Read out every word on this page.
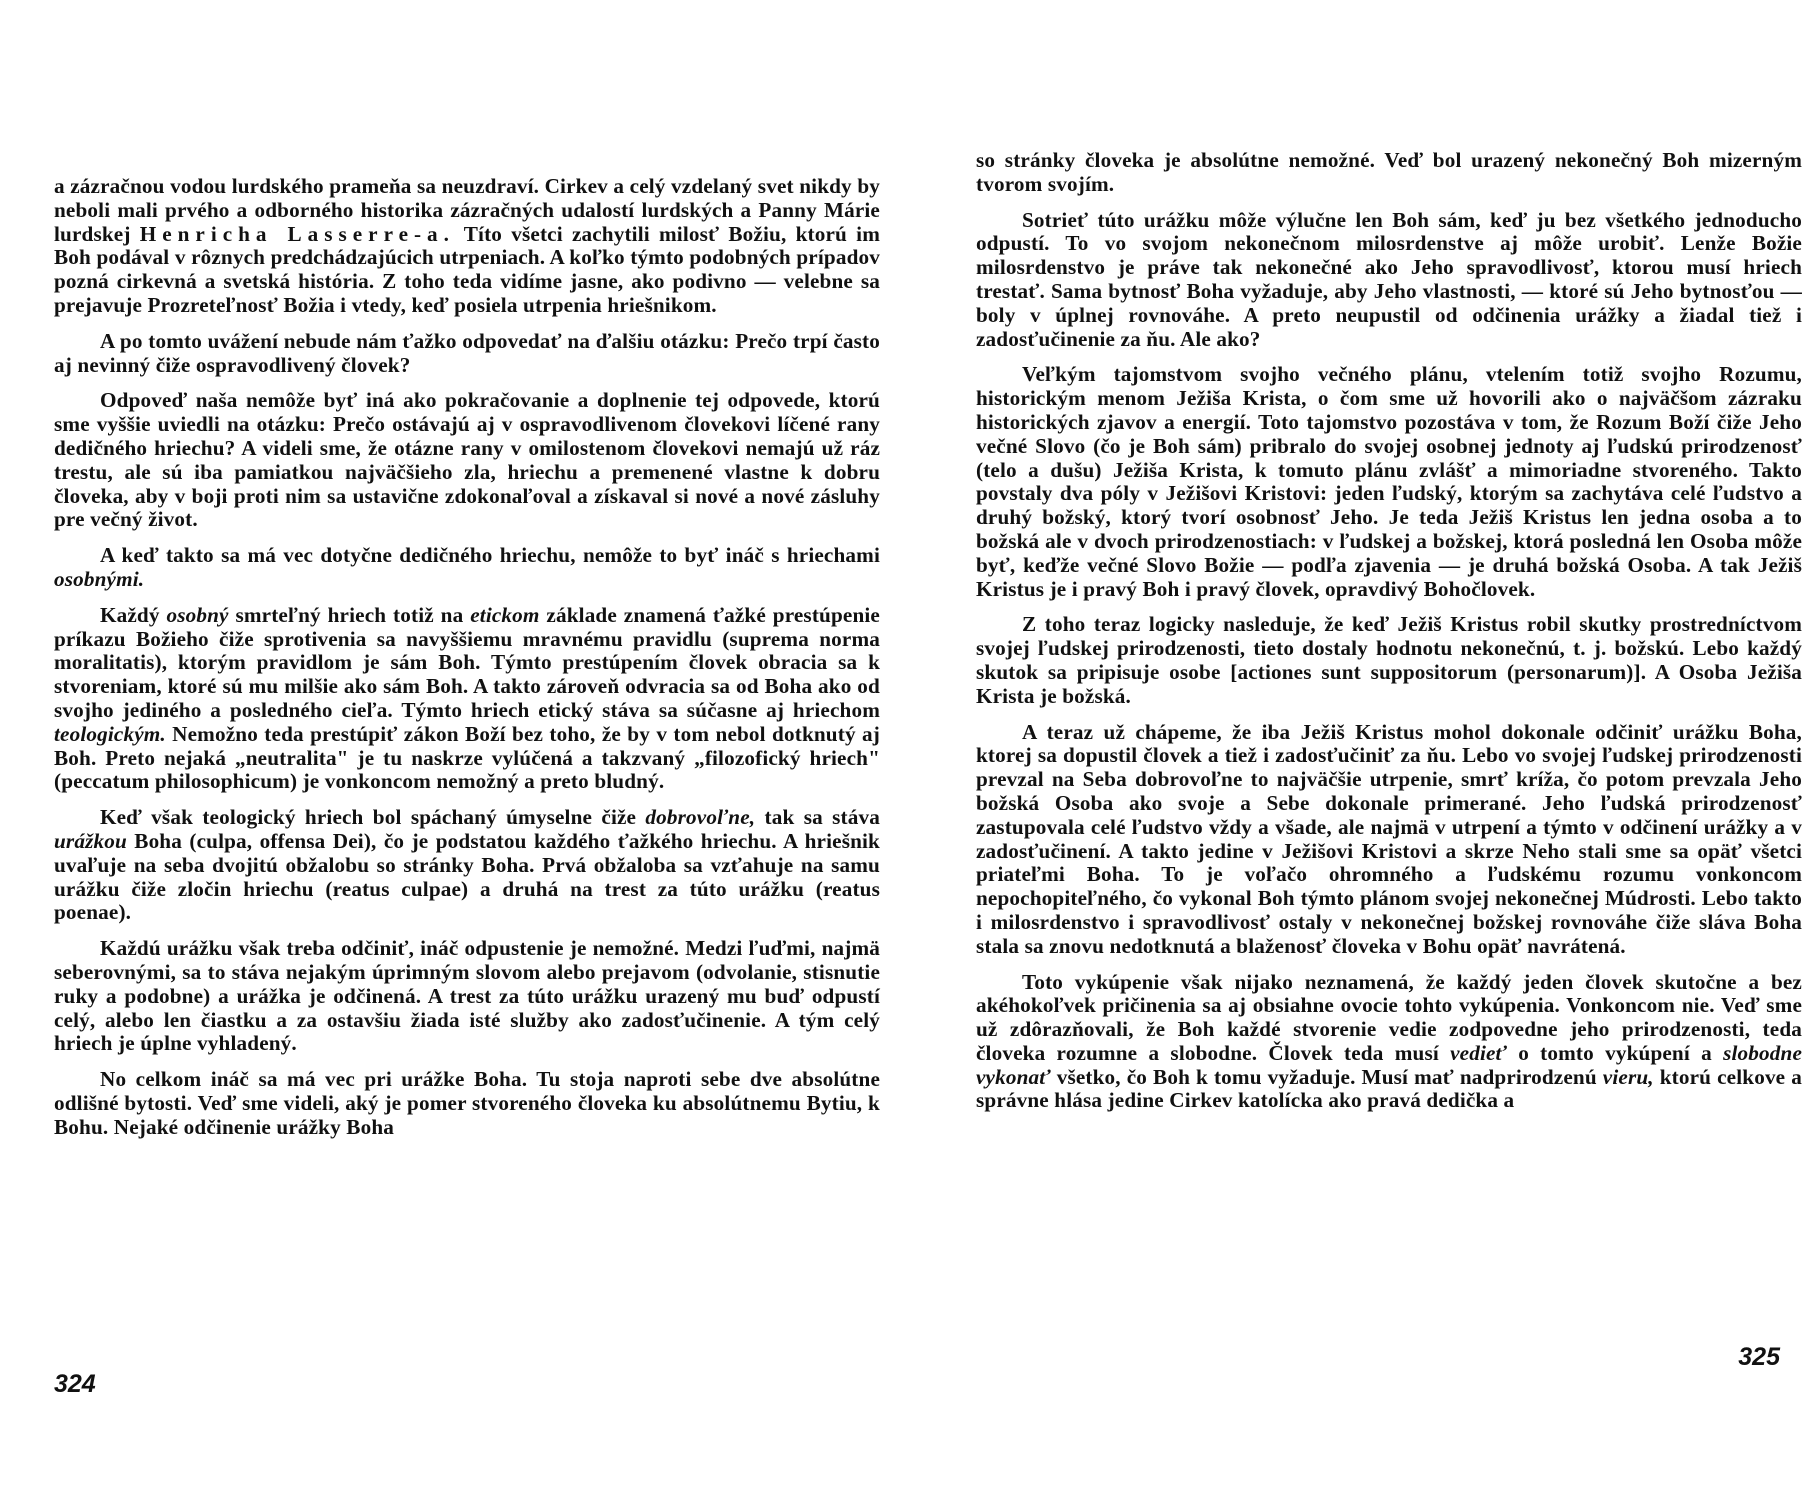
a zázračnou vodou lurdského prameňa sa neuzdraví. Cirkev a celý vzdelaný svet nikdy by neboli mali prvého a odborného historika zázračných udalostí lurdských a Panny Márie lurdskej Henricha Lasserre-a. Títo všetci zachytili milosť Božiu, ktorú im Boh podával v rôznych predchádzajúcich utrpeniach. A koľko týmto podobných prípadov pozná cirkevná a svetská história. Z toho teda vidíme jasne, ako podivno — velebne sa prejavuje Prozreteľnosť Božia i vtedy, keď posiela utrpenia hriešnikom.

A po tomto uvážení nebude nám ťažko odpovedať na ďalšiu otázku: Prečo trpí často aj nevinný čiže ospravodlivený človek?

Odpoveď naša nemôže byť iná ako pokračovanie a doplnenie tej odpovede, ktorú sme vyššie uviedli na otázku: Prečo ostávajú aj v ospravodlivenom človekovi líčené rany dedičného hriechu? A videli sme, že otázne rany v omilostenom človekovi nemajú už ráz trestu, ale sú iba pamiatkou najväčšieho zla, hriechu a premenené vlastne k dobru človeka, aby v boji proti nim sa ustavične zdokonaľoval a získaval si nové a nové zásluhy pre večný život.

A keď takto sa má vec dotyčne dedičného hriechu, nemôže to byť ináč s hriechami osobnými.

Každý osobný smrteľný hriech totiž na etickom základe znamená ťažké prestúpenie príkazu Božieho čiže sprotivenia sa navyššiemu mravnému pravidlu (suprema norma moralitatis), ktorým pravidlom je sám Boh. Týmto prestúpením človek obracia sa k stvoreniam, ktoré sú mu milšie ako sám Boh. A takto zároveň odvracia sa od Boha ako od svojho jediného a posledného cieľa. Týmto hriech etický stáva sa súčasne aj hriechom teologickým. Nemožno teda prestúpiť zákon Boží bez toho, že by v tom nebol dotknutý aj Boh. Preto nejaká „neutralita" je tu naskrze vylúčená a takzvaný „filozofický hriech" (peccatum philosophicum) je vonkoncom nemožný a preto bludný.

Keď však teologický hriech bol spáchaný úmyselne čiže dobrovoľne, tak sa stáva urážkou Boha (culpa, offensa Dei), čo je podstatou každého ťažkého hriechu. A hriešnik uvaľuje na seba dvojitú obžalobu so stránky Boha. Prvá obžaloba sa vzťahuje na samu urážku čiže zločin hriechu (reatus culpae) a druhá na trest za túto urážku (reatus poenae).

Každú urážku však treba odčiniť, ináč odpustenie je nemožné. Medzi ľuďmi, najmä seberovnými, sa to stáva nejakým úprimným slovom alebo prejavom (odvolanie, stisnutie ruky a podobne) a urážka je odčinená. A trest za túto urážku urazený mu buď odpustí celý, alebo len čiastku a za ostavšiu žiada isté služby ako zadosťučinenie. A tým celý hriech je úplne vyhladený.

No celkom ináč sa má vec pri urážke Boha. Tu stoja naproti sebe dve absolútne odlišné bytosti. Veď sme videli, aký je pomer stvoreného človeka ku absolútnemu Bytiu, k Bohu. Nejaké odčinenie urážky Boha

324

so stránky človeka je absolútne nemožné. Veď bol urazený nekonečný Boh mizerným tvorom svojím.

Sotrieť túto urážku môže výlučne len Boh sám, keď ju bez všetkého jednoducho odpustí. To vo svojom nekonečnom milosrdenstve aj môže urobiť. Lenže Božie milosrdenstvo je práve tak nekonečné ako Jeho spravodlivosť, ktorou musí hriech trestať. Sama bytnosť Boha vyžaduje, aby Jeho vlastnosti, — ktoré sú Jeho bytnosťou — boly v úplnej rovnováhe. A preto neupustil od odčinenia urážky a žiadal tiež i zadosťučinenie za ňu. Ale ako?

Veľkým tajomstvom svojho večného plánu, vtelením totiž svojho Rozumu, historickým menom Ježiša Krista, o čom sme už hovorili ako o najväčšom zázraku historických zjavov a energií. Toto tajomstvo pozostáva v tom, že Rozum Boží čiže Jeho večné Slovo (čo je Boh sám) pribralo do svojej osobnej jednoty aj ľudskú prirodzenosť (telo a dušu) Ježiša Krista, k tomuto plánu zvlášť a mimoriadne stvoreného. Takto povstaly dva póly v Ježišovi Kristovi: jeden ľudský, ktorým sa zachytáva celé ľudstvo a druhý božský, ktorý tvorí osobnosť Jeho. Je teda Ježiš Kristus len jedna osoba a to božská ale v dvoch prirodzenostiach: v ľudskej a božskej, ktorá posledná len Osoba môže byť, keďže večné Slovo Božie — podľa zjavenia — je druhá božská Osoba. A tak Ježiš Kristus je i pravý Boh i pravý človek, opravdivý Bohočlovek.

Z toho teraz logicky nasleduje, že keď Ježiš Kristus robil skutky prostredníctvom svojej ľudskej prirodzenosti, tieto dostaly hodnotu nekonečnú, t. j. božskú. Lebo každý skutok sa pripisuje osobe [actiones sunt suppositorum (personarum)]. A Osoba Ježiša Krista je božská.

A teraz už chápeme, že iba Ježiš Kristus mohol dokonale odčiniť urážku Boha, ktorej sa dopustil človek a tiež i zadosťučiniť za ňu. Lebo vo svojej ľudskej prirodzenosti prevzal na Seba dobrovoľne to najväčšie utrpenie, smrť kríža, čo potom prevzala Jeho božská Osoba ako svoje a Sebe dokonale primerané. Jeho ľudská prirodzenosť zastupovala celé ľudstvo vždy a všade, ale najmä v utrpení a týmto v odčinení urážky a v zadosťučinení. A takto jedine v Ježišovi Kristovi a skrze Neho stali sme sa opäť všetci priateľmi Boha. To je voľačo ohromného a ľudskému rozumu vonkoncom nepochopiteľného, čo vykonal Boh týmto plánom svojej nekonečnej Múdrosti. Lebo takto i milosrdenstvo i spravodlivosť ostaly v nekonečnej božskej rovnováhe čiže sláva Boha stala sa znovu nedotknutá a blaženosť človeka v Bohu opäť navrátená.

Toto vykúpenie však nijako neznamená, že každý jeden človek skutočne a bez akéhokoľvek pričinenia sa aj obsiahne ovocie tohto vykúpenia. Vonkoncom nie. Veď sme už zdôrazňovali, že Boh každé stvorenie vedie zodpovedne jeho prirodzenosti, teda človeka rozumne a slobodne. Človek teda musí vedieť o tomto vykúpení a slobodne vykonať všetko, čo Boh k tomu vyžaduje. Musí mať nadprirodzenú vieru, ktorú celkove a správne hlása jedine Cirkev katolícka ako pravá dedička a

325
